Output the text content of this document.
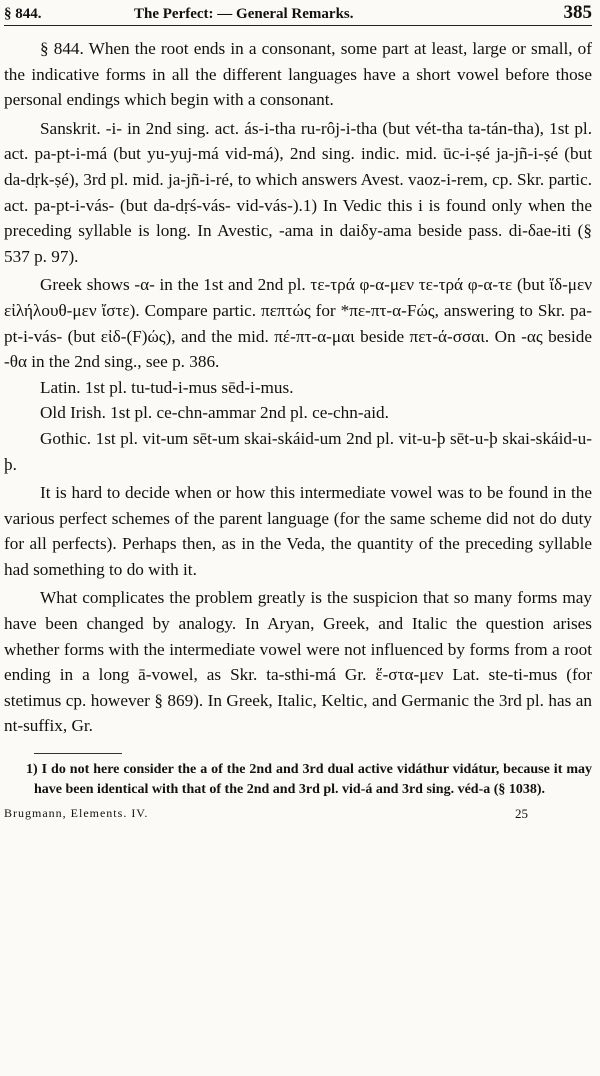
§ 844.	The Perfect: — General Remarks.	385

§ 844. When the root ends in a consonant, some part at least, large or small, of the indicative forms in all the different languages have a short vowel before those personal endings which begin with a consonant.

Sanskrit. -i- in 2nd sing. act. ás-i-tha ru-rôj-i-tha (but vét-tha ta-tán-tha), 1st pl. act. pa-pt-i-má (but yu-yuj-má vid-má), 2nd sing. indic. mid. ūc-i-ṣé ja-jñ-i-ṣé (but da-dṛk-ṣé), 3rd pl. mid. ja-jñ-i-ré, to which answers Avest. vaoz-i-rem, cp. Skr. partic. act. pa-pt-i-vás- (but da-dṛś-vás- vid-vás-).1) In Vedic this i is found only when the preceding syllable is long. In Avestic, -ama in daiδy-ama beside pass. di-δae-iti (§ 537 p. 97).

Greek shows -α- in the 1st and 2nd pl. τε-τρά φ-α-μεν τε-τρά φ-α-τε (but ἴδ-μεν εἰλήλουθ-μεν ἴστε). Compare partic. πεπτώς for *πε-πτ-α-Fώς, answering to Skr. pa-pt-i-vás- (but εἰδ-(F)ώς), and the mid. πέ-πτ-α-μαι beside πετ-ά-σσαι. On -ας beside -θα in the 2nd sing., see p. 386.

Latin. 1st pl. tu-tud-i-mus sēd-i-mus.

Old Irish. 1st pl. ce-chn-ammar 2nd pl. ce-chn-aid.

Gothic. 1st pl. vit-um sēt-um skai-skáid-um 2nd pl. vit-u-þ sēt-u-þ skai-skáid-u-þ.

It is hard to decide when or how this intermediate vowel was to be found in the various perfect schemes of the parent language (for the same scheme did not do duty for all perfects). Perhaps then, as in the Veda, the quantity of the preceding syllable had something to do with it.

What complicates the problem greatly is the suspicion that so many forms may have been changed by analogy. In Aryan, Greek, and Italic the question arises whether forms with the intermediate vowel were not influenced by forms from a root ending in a long ā-vowel, as Skr. ta-sthi-má Gr. ἕ-στα-μεν Lat. ste-ti-mus (for stetimus cp. however § 869). In Greek, Italic, Keltic, and Germanic the 3rd pl. has an nt-suffix, Gr.

1) I do not here consider the a of the 2nd and 3rd dual active vidáthur vidátur, because it may have been identical with that of the 2nd and 3rd pl. vid-á and 3rd sing. véd-a (§ 1038).
Brugmann, Elements. IV.	25
